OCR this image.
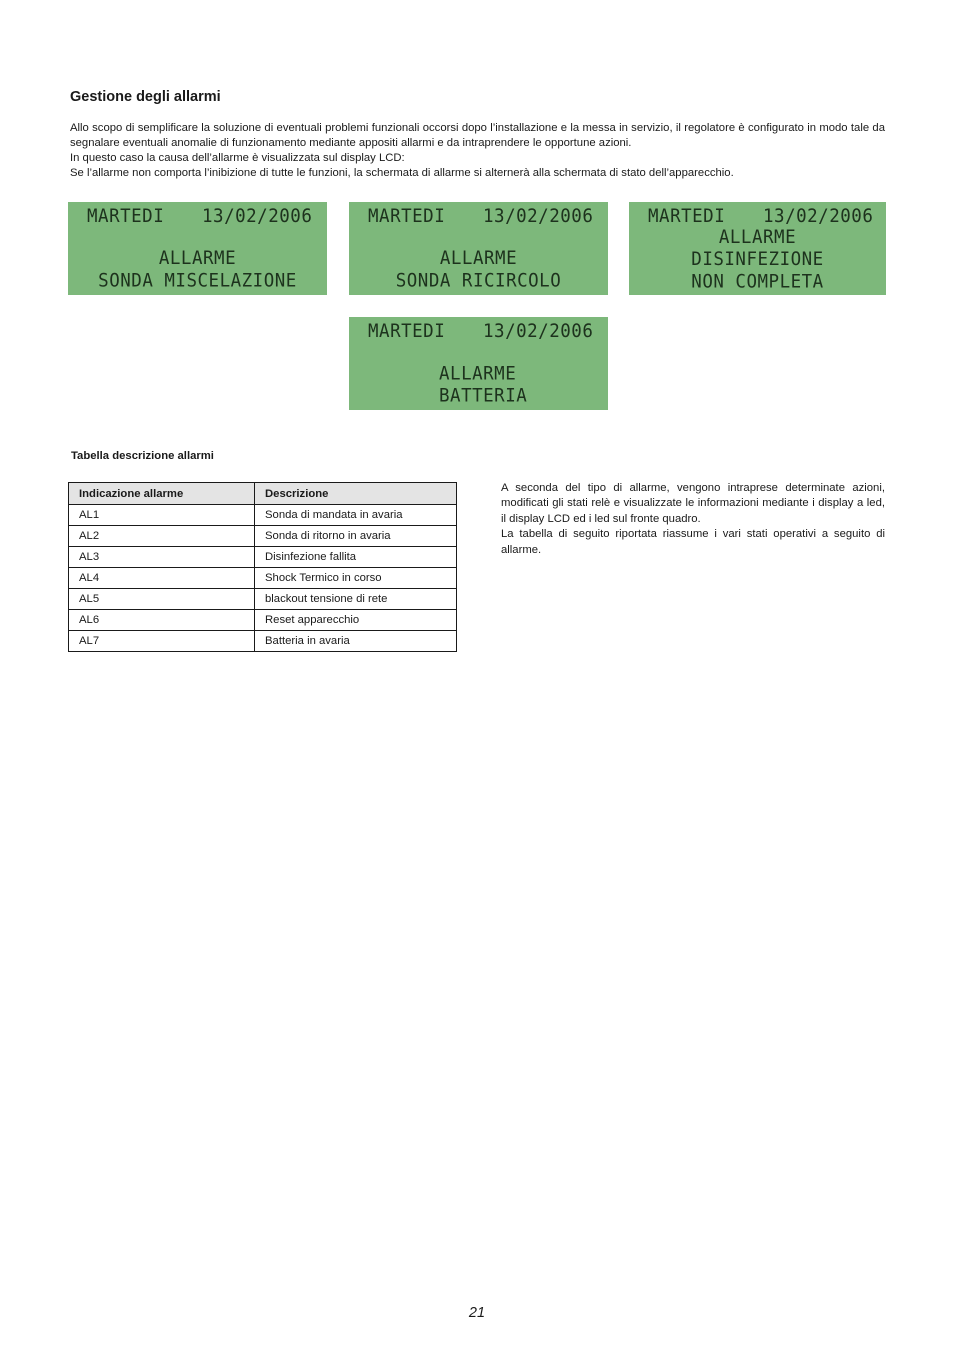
Gestione degli allarmi

Allo scopo di semplificare la soluzione di eventuali problemi funzionali occorsi dopo l’installazione e la messa in servizio, il regolatore è configurato in modo tale da segnalare eventuali anomalie di funzionamento mediante appositi allarmi e da intraprendere le opportune azioni.

In questo caso la causa dell’allarme è visualizzata sul display LCD:

Se l’allarme non comporta l’inibizione di tutte le funzioni, la schermata di allarme si alternerà alla schermata di stato dell’apparecchio.

MARTEDI	13/02/2006
ALLARME
SONDA MISCELAZIONE
MARTEDI	13/02/2006
ALLARME
SONDA RICIRCOLO
MARTEDI	13/02/2006
ALLARME
DISINFEZIONE
NON COMPLETA
MARTEDI	13/02/2006
ALLARME
BATTERIA
Tabella descrizione allarmi
Indicazione allarme	Descrizione
AL1	Sonda di mandata in avaria
AL2	Sonda di ritorno in avaria
AL3	Disinfezione fallita
AL4	Shock Termico in corso
AL5	blackout tensione di rete
AL6	Reset apparecchio
AL7	Batteria in avaria

A seconda del tipo di allarme, vengono intraprese determinate azioni, modificati gli stati relè e visualizzate le informazioni mediante i display a led, il display LCD ed i led sul fronte quadro.

La tabella di seguito riportata riassume i vari stati operativi a seguito di allarme.

21
